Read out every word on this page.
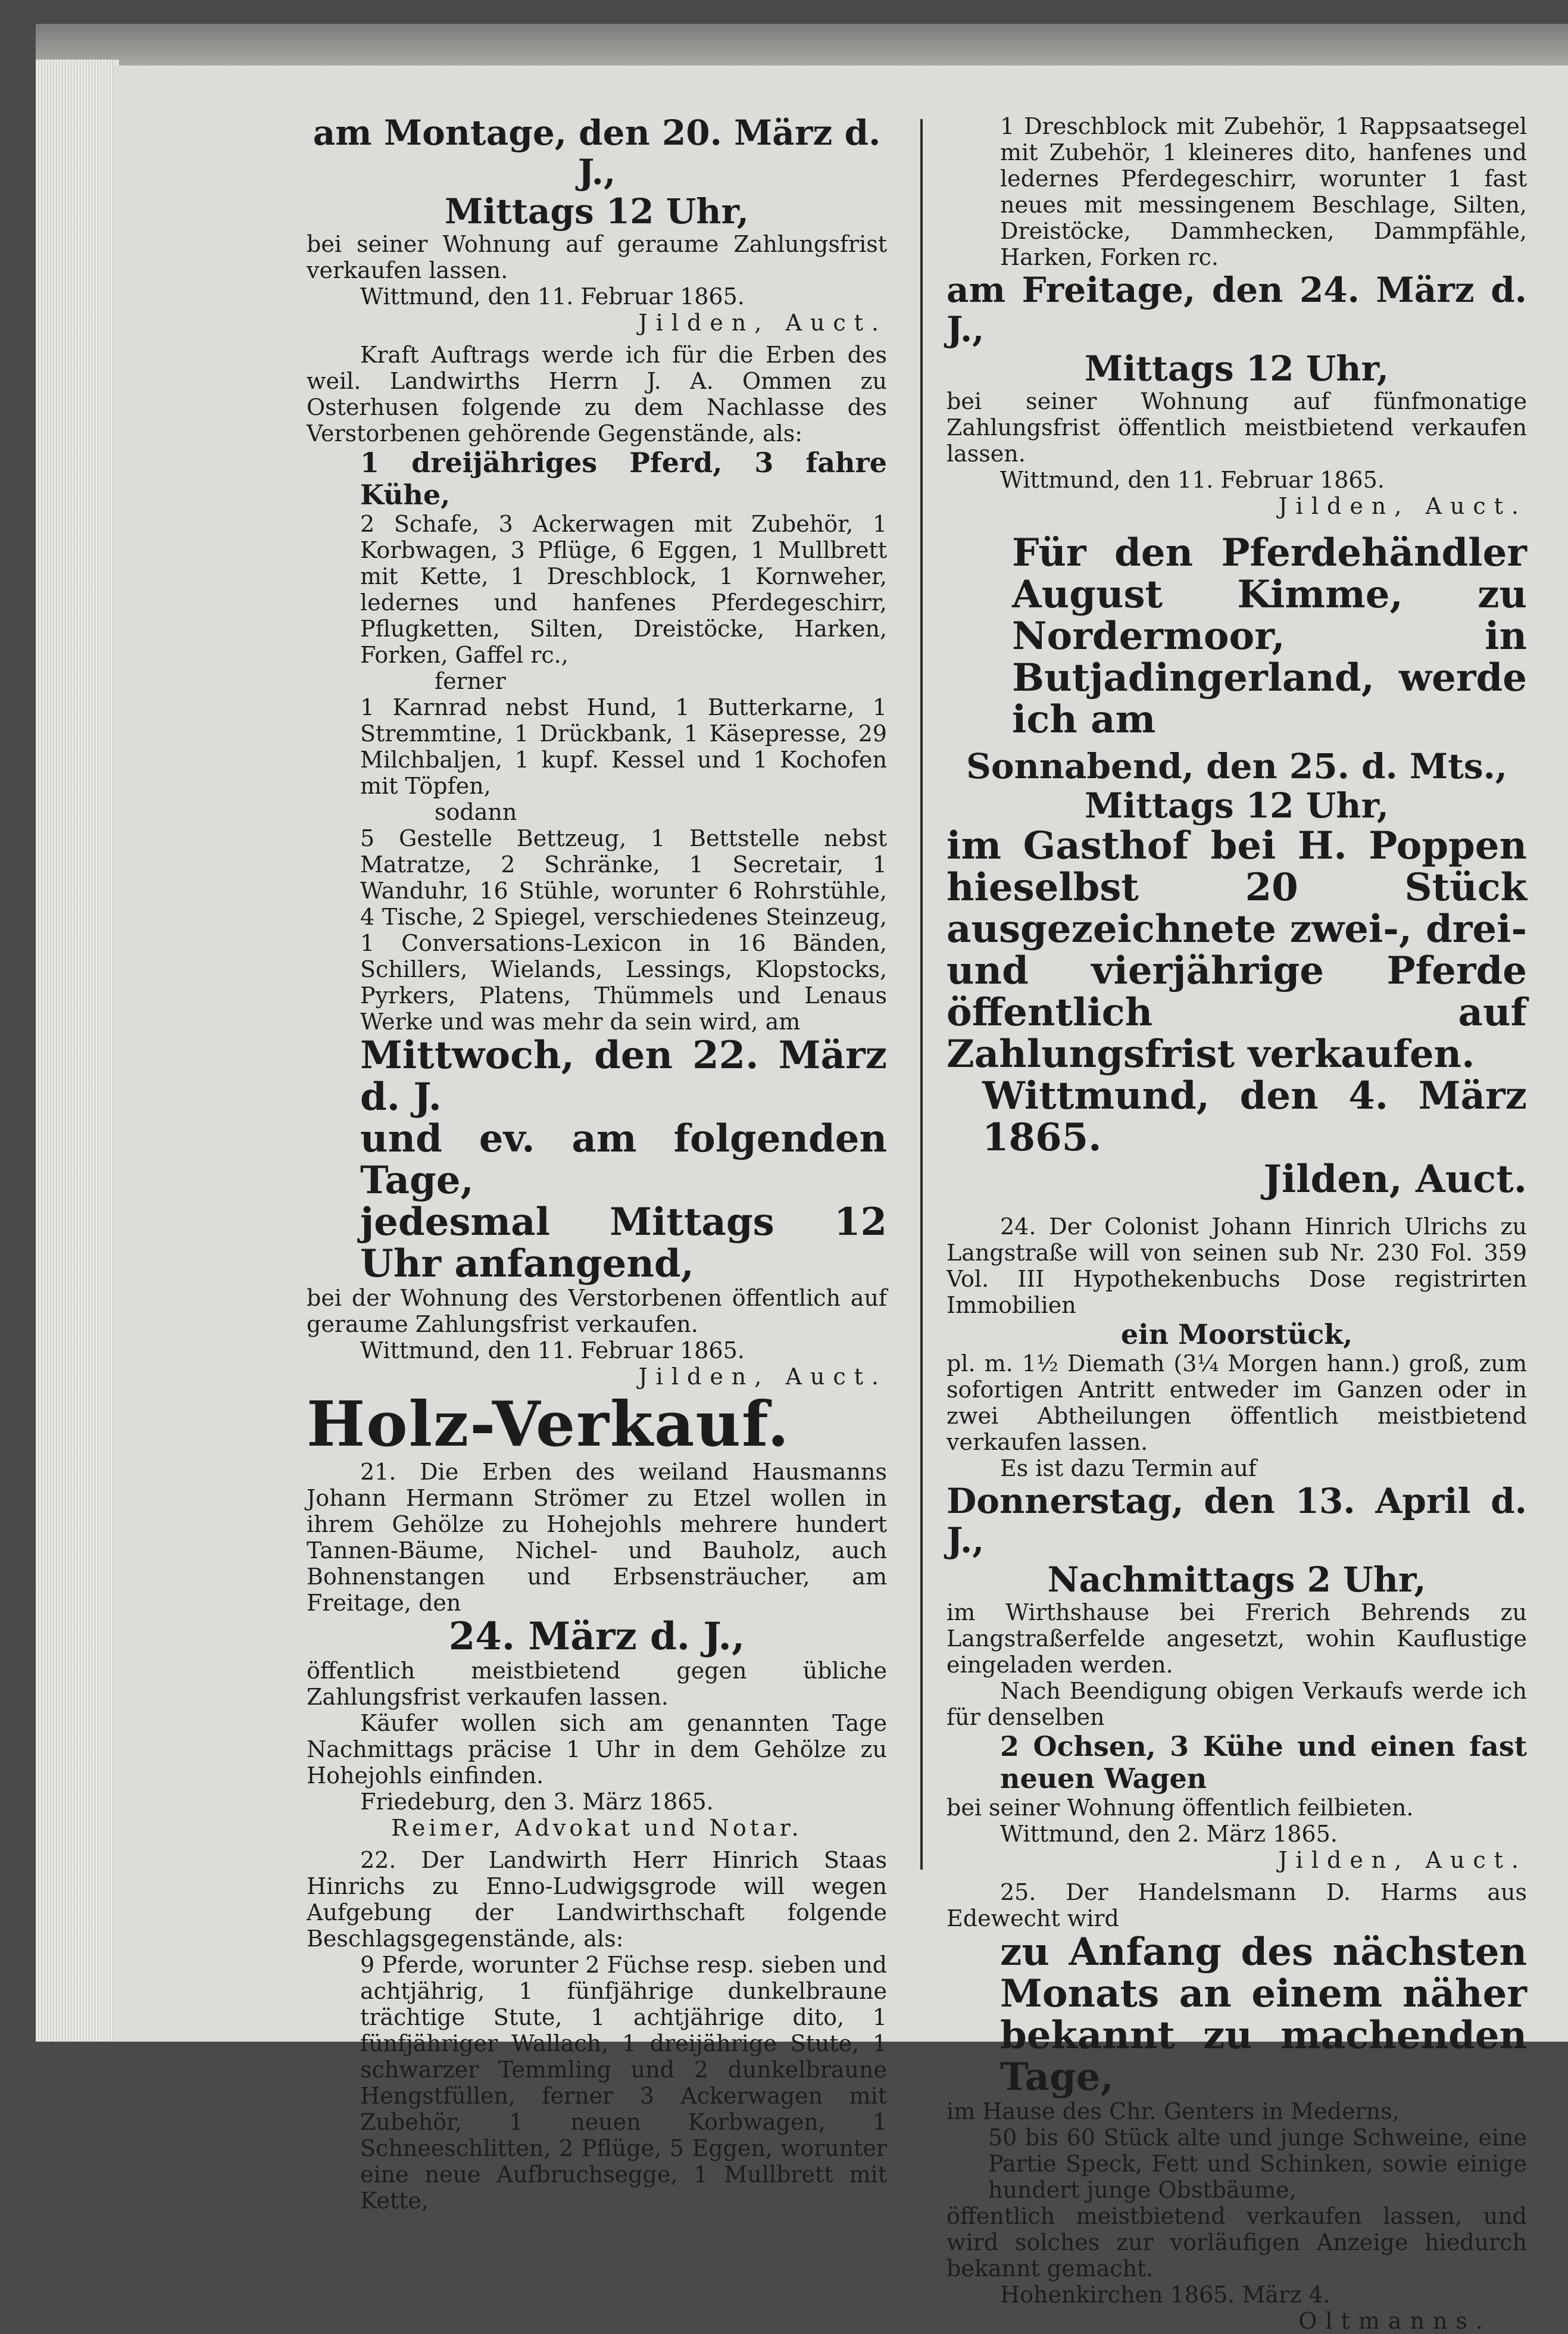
am Montage, den 20. März d. J.,

Mittags 12 Uhr,

bei seiner Wohnung auf geraume Zahlungsfrist verkaufen lassen.

Wittmund, den 11. Februar 1865.

Jilden, Auct.

Kraft Auftrags werde ich für die Erben des weil. Landwirths Herrn J. A. Ommen zu Osterhusen folgende zu dem Nachlasse des Verstorbenen gehörende Gegenstände, als:

1 dreijähriges Pferd, 3 fahre Kühe,

2 Schafe, 3 Ackerwagen mit Zubehör, 1 Korbwagen, 3 Pflüge, 6 Eggen, 1 Mullbrett mit Kette, 1 Dreschblock, 1 Kornweher, ledernes und hanfenes Pferdegeschirr, Pflugketten, Silten, Dreistöcke, Harken, Forken, Gaffel rc.,

ferner

1 Karnrad nebst Hund, 1 Butterkarne, 1 Stremmtine, 1 Drückbank, 1 Käsepresse, 29 Milchbaljen, 1 kupf. Kessel und 1 Kochofen mit Töpfen,

sodann

5 Gestelle Bettzeug, 1 Bettstelle nebst Matratze, 2 Schränke, 1 Secretair, 1 Wanduhr, 16 Stühle, worunter 6 Rohrstühle, 4 Tische, 2 Spiegel, verschiedenes Steinzeug, 1 Conversations-Lexicon in 16 Bänden, Schillers, Wielands, Lessings, Klopstocks, Pyrkers, Platens, Thümmels und Lenaus Werke und was mehr da sein wird, am

Mittwoch, den 22. März d. J.

und ev. am folgenden Tage,

jedesmal Mittags 12 Uhr anfangend,

bei der Wohnung des Verstorbenen öffentlich auf geraume Zahlungsfrist verkaufen.

Wittmund, den 11. Februar 1865.

Jilden, Auct.

Holz-Verkauf.

21. Die Erben des weiland Hausmanns Johann Hermann Strömer zu Etzel wollen in ihrem Gehölze zu Hohejohls mehrere hundert Tannen-Bäume, Nichel- und Bauholz, auch Bohnenstangen und Erbsensträucher, am Freitage, den

24. März d. J.,

öffentlich meistbietend gegen übliche Zahlungsfrist verkaufen lassen.

Käufer wollen sich am genannten Tage Nachmittags präcise 1 Uhr in dem Gehölze zu Hohejohls einfinden.

Friedeburg, den 3. März 1865.

Reimer, Advokat und Notar.

22. Der Landwirth Herr Hinrich Staas Hinrichs zu Enno-Ludwigsgrode will wegen Aufgebung der Landwirthschaft folgende Beschlagsgegenstände, als:

9 Pferde, worunter 2 Füchse resp. sieben und achtjährig, 1 fünfjährige dunkelbraune trächtige Stute, 1 achtjährige dito, 1 fünfjähriger Wallach, 1 dreijährige Stute, 1 schwarzer Temmling und 2 dunkelbraune Hengstfüllen, ferner 3 Ackerwagen mit Zubehör, 1 neuen Korbwagen, 1 Schneeschlitten, 2 Pflüge, 5 Eggen, worunter eine neue Aufbruchsegge, 1 Mullbrett mit Kette,

1 Dreschblock mit Zubehör, 1 Rappsaatsegel mit Zubehör, 1 kleineres dito, hanfenes und ledernes Pferdegeschirr, worunter 1 fast neues mit messingenem Beschlage, Silten, Dreistöcke, Dammhecken, Dammpfähle, Harken, Forken rc.

am Freitage, den 24. März d. J.,

Mittags 12 Uhr,

bei seiner Wohnung auf fünfmonatige Zahlungsfrist öffentlich meistbietend verkaufen lassen.

Wittmund, den 11. Februar 1865.

Jilden, Auct.

Für den Pferdehändler August Kimme, zu Nordermoor, in Butjadingerland, werde ich am

Sonnabend, den 25. d. Mts.,

Mittags 12 Uhr,

im Gasthof bei H. Poppen hieselbst 20 Stück ausgezeichnete zwei-, drei- und vierjährige Pferde öffentlich auf Zahlungsfrist verkaufen.

Wittmund, den 4. März 1865.

Jilden, Auct.

24. Der Colonist Johann Hinrich Ulrichs zu Langstraße will von seinen sub Nr. 230 Fol. 359 Vol. III Hypothekenbuchs Dose registrirten Immobilien

ein Moorstück,

pl. m. 1½ Diemath (3¼ Morgen hann.) groß, zum sofortigen Antritt entweder im Ganzen oder in zwei Abtheilungen öffentlich meistbietend verkaufen lassen.

Es ist dazu Termin auf

Donnerstag, den 13. April d. J.,

Nachmittags 2 Uhr,

im Wirthshause bei Frerich Behrends zu Langstraßerfelde angesetzt, wohin Kauflustige eingeladen werden.

Nach Beendigung obigen Verkaufs werde ich für denselben

2 Ochsen, 3 Kühe und einen fast neuen Wagen

bei seiner Wohnung öffentlich feilbieten.

Wittmund, den 2. März 1865.

Jilden, Auct.

25. Der Handelsmann D. Harms aus Edewecht wird

zu Anfang des nächsten Monats an einem näher bekannt zu machenden Tage,

im Hause des Chr. Genters in Mederns,

50 bis 60 Stück alte und junge Schweine, eine Partie Speck, Fett und Schinken, sowie einige hundert junge Obstbäume,

öffentlich meistbietend verkaufen lassen, und wird solches zur vorläufigen Anzeige hiedurch bekannt gemacht.

Hohenkirchen 1865. März 4.

Oltmanns.
